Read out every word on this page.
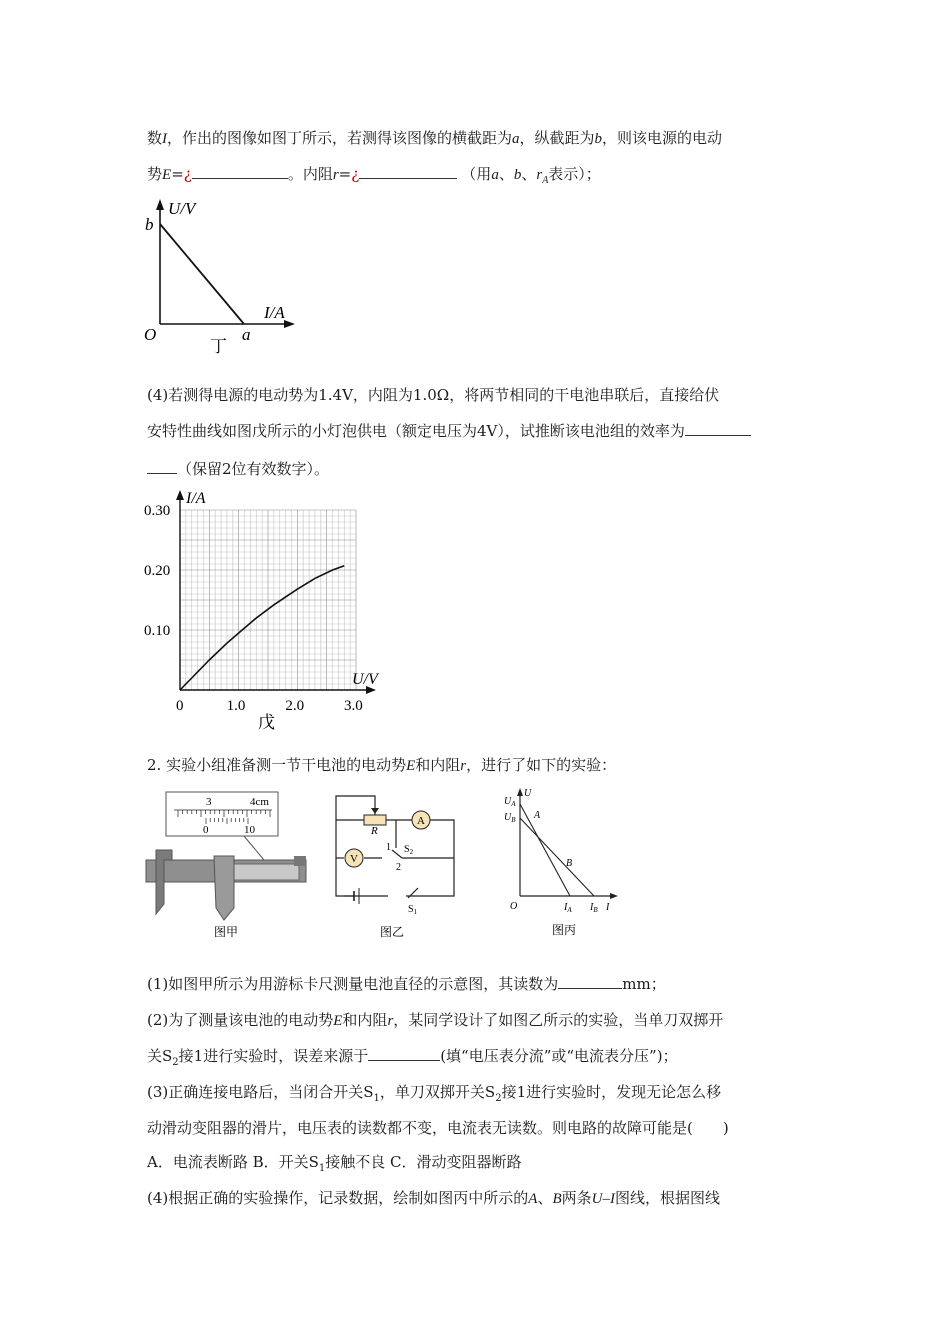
数I，作出的图像如图丁所示，若测得该图像的横截距为a，纵截距为b，则该电源的电动
势E=¿	。内阻r=¿	（用a、b、$r_A$表示）；
U/V
b
I/A
O	a
丁
(4)若测得电源的电动势为1.4V，内阻为1.0Ω，将两节相同的干电池串联后，直接给伏
安特性曲线如图戊所示的小灯泡供电（额定电压为4V），试推断该电池组的效率为
（保留2位有效数字）。
0	1.0	2.0	3.0
0.10
0.20
0.30
I/A
U/V
戊
2. 实验小组准备测一节干电池的电动势E和内阻r，进行了如下的实验：
3	4cm
0	10
图甲
A
V
R
1
2
$S_2$
$S_1$
图乙
U
$U_A$
$U_B$ A
B
O	$I_A$ $I_B$ I
图丙
(1)如图甲所示为用游标卡尺测量电池直径的示意图，其读数为	mm；
(2)为了测量该电池的电动势E和内阻r，某同学设计了如图乙所示的实验，当单刀双掷开
关$S_2$接1进行实验时，误差来源于	(填“电压表分流”或“电流表分压”)；
(3)正确连接电路后，当闭合开关$S_1$，单刀双掷开关$S_2$接1进行实验时，发现无论怎么移
动滑动变阻器的滑片，电压表的读数都不变，电流表无读数。则电路的故障可能是(　　)
A．电流表断路 B．开关$S_1$接触不良 C．滑动变阻器断路
(4)根据正确的实验操作，记录数据，绘制如图丙中所示的A、B两条U–I图线，根据图线
